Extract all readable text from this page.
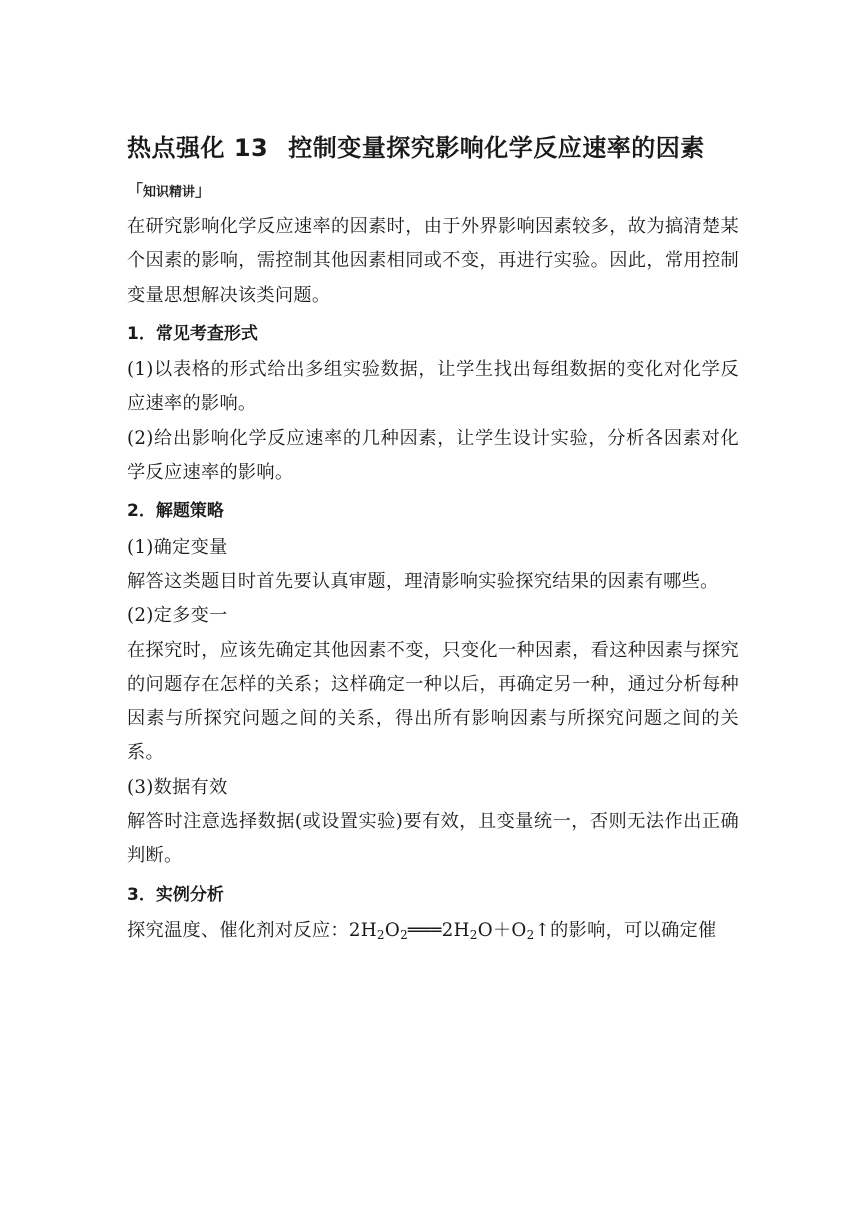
热点强化 13 控制变量探究影响化学反应速率的因素
「知识精讲」

在研究影响化学反应速率的因素时，由于外界影响因素较多，故为搞清楚某个因素的影响，需控制其他因素相同或不变，再进行实验。因此，常用控制变量思想解决该类问题。

1．常见考查形式

(1)以表格的形式给出多组实验数据，让学生找出每组数据的变化对化学反应速率的影响。

(2)给出影响化学反应速率的几种因素，让学生设计实验，分析各因素对化学反应速率的影响。

2．解题策略

(1)确定变量

解答这类题目时首先要认真审题，理清影响实验探究结果的因素有哪些。

(2)定多变一

在探究时，应该先确定其他因素不变，只变化一种因素，看这种因素与探究的问题存在怎样的关系；这样确定一种以后，再确定另一种，通过分析每种因素与所探究问题之间的关系，得出所有影响因素与所探究问题之间的关系。

(3)数据有效

解答时注意选择数据(或设置实验)要有效，且变量统一，否则无法作出正确判断。

3．实例分析

探究温度、催化剂对反应：$2H_2O_2═══2H_2O+O_2↑$的影响，可以确定催
